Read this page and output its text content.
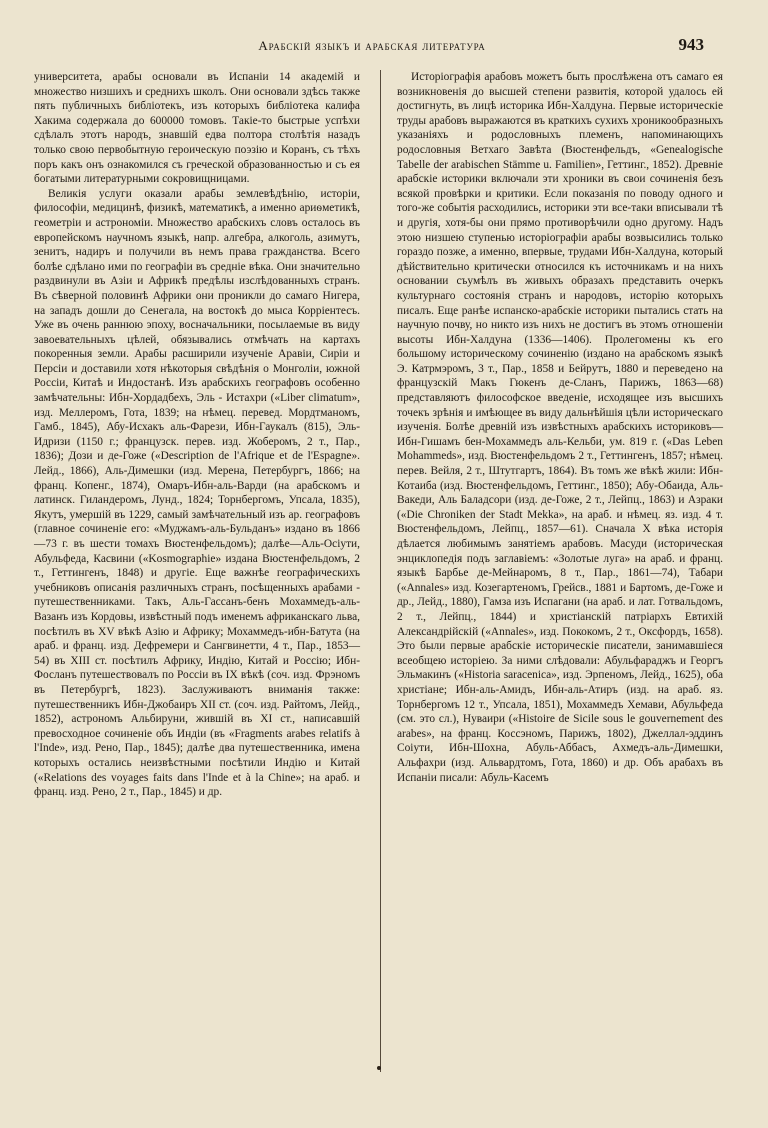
Арабскій языкъ и арабская литература	943

университета, арабы основали въ Испаніи 14 академій и множество низшихъ и среднихъ школъ. Они основали здѣсь также пять публичныхъ библіотекъ, изъ которыхъ библіотека калифа Хакима содержала до 600000 томовъ. Такіе-то быстрые успѣхи сдѣлалъ этотъ народъ, знавшій едва полтора столѣтія назадъ только свою первобытную героическую поэзію и Коранъ, съ тѣхъ поръ какъ онъ ознакомился съ греческой образованностью и съ ея богатыми литературными сокровищницами.

Великія услуги оказали арабы землевѣдѣнію, исторіи, философіи, медицинѣ, физикѣ, математикѣ, а именно ариѳметикѣ, геометріи и астрономіи. Множество арабскихъ словъ осталось въ европейскомъ научномъ языкѣ, напр. алгебра, алкоголь, азимутъ, зенитъ, надиръ и получили въ немъ права гражданства. Всего болѣе сдѣлано ими по географіи въ средніе вѣка. Они значительно раздвинули въ Азіи и Африкѣ предѣлы изслѣдованныхъ странъ. Въ сѣверной половинѣ Африки они проникли до самаго Нигера, на западъ дошли до Сенегала, на востокѣ до мыса Корріентесъ. Уже въ очень раннюю эпоху, восначальники, посылаемые въ виду завоевательныхъ цѣлей, обязывались отмѣчать на картахъ покоренныя земли. Арабы расширили изученіе Аравіи, Сиріи и Персіи и доставили хотя нѣкоторыя свѣдѣнія о Монголіи, южной Россіи, Китаѣ и Индостанѣ. Изъ арабскихъ географовъ особенно замѣчательны: Ибн-Хордадбехъ, Эль - Истахри («Liber climatum», изд. Меллеромъ, Гота, 1839; на нѣмец. перевед. Мордтманомъ, Гамб., 1845), Абу-Исхакъ аль-Фарези, Ибн-Гаукалъ (815), Эль-Идризи (1150 г.; французск. перев. изд. Жоберомъ, 2 т., Пар., 1836); Дози и де-Гоже («Description de l'Afrique et de l'Espagne». Лейд., 1866), Аль-Димешки (изд. Мерена, Петербургъ, 1866; на франц. Копенг., 1874), Омаръ-Ибн-аль-Варди (на арабскомъ и латинск. Гиландеромъ, Лунд., 1824; Торнбергомъ, Упсала, 1835), Якутъ, умершій въ 1229, самый замѣчательный изъ ар. географовъ (главное сочиненіе его: «Муджамъ-аль-Бульданъ» издано въ 1866—73 г. въ шести томахъ Вюстенфельдомъ); далѣе—Аль-Осіути, Абульфеда, Касвини («Kosmographie» издана Вюстенфельдомъ, 2 т., Геттингенъ, 1848) и другіе. Еще важнѣе географическихъ учебниковъ описанія различныхъ странъ, посѣщенныхъ арабами - путешественниками. Такъ, Аль-Гассанъ-бенъ Мохаммедъ-аль-Вазанъ изъ Кордовы, извѣстный подъ именемъ африканскаго льва, посѣтилъ въ XV вѣкѣ Азію и Африку; Мохаммедъ-ибн-Батута (на араб. и франц. изд. Дефремери и Сангвинетти, 4 т., Пар., 1853—54) въ XIII ст. посѣтилъ Африку, Индію, Китай и Россію; Ибн-Фосланъ путешествовалъ по Россіи въ IX вѣкѣ (соч. изд. Фрэномъ въ Петербургѣ, 1823). Заслуживаютъ вниманія также: путешественникъ Ибн-Джобаиръ XII ст. (соч. изд. Райтомъ, Лейд., 1852), астрономъ Альбируни, жившій въ XI ст., написавшій превосходное сочиненіе объ Индіи (въ «Fragments arabes relatifs à l'Inde», изд. Рено, Пар., 1845); далѣе два путешественника, имена которыхъ остались неизвѣстными посѣтили Индію и Китай («Relations des voyages faits dans l'Inde et à la Chine»; на араб. и франц. изд. Рено, 2 т., Пар., 1845) и др.

Исторіографія арабовъ можетъ быть прослѣжена отъ самаго ея возникновенія до высшей степени развитія, которой удалось ей достигнуть, въ лицѣ историка Ибн-Халдуна. Первые историческіе труды арабовъ выражаются въ краткихъ сухихъ хроникообразныхъ указаніяхъ и родословныхъ племенъ, напоминающихъ родословныя Ветхаго Завѣта (Вюстенфельдъ, «Genealogische Tabelle der arabischen Stämme u. Familien», Геттинг., 1852). Древніе арабскіе историки включали эти хроники въ свои сочиненія безъ всякой провѣрки и критики. Если показанія по поводу одного и того-же событія расходились, историки эти все-таки вписывали тѣ и другія, хотя-бы они прямо противорѣчили одно другому. Надъ этою низшею ступенью исторіографіи арабы возвысились только гораздо позже, а именно, впервые, трудами Ибн-Халдуна, который дѣйствительно критически относился къ источникамъ и на нихъ основании съумѣлъ въ живыхъ образахъ представить очеркъ культурнаго состоянія странъ и народовъ, исторію которыхъ писалъ. Еще ранѣе испанско-арабскіе историки пытались стать на научную почву, но никто изъ нихъ не достигъ въ этомъ отношеніи высоты Ибн-Халдуна (1336—1406). Пролегомены къ его большому историческому сочиненію (издано на арабскомъ языкѣ Э. Катрмэромъ, 3 т., Пар., 1858 и Бейрутъ, 1880 и переведено на французскій Макъ Гюкенъ де-Сланъ, Парижъ, 1863—68) представляютъ философское введеніе, исходящее изъ высшихъ точекъ зрѣнія и имѣющее въ виду дальнѣйшія цѣли историческаго изученія. Болѣе древній изъ извѣстныхъ арабскихъ историковъ—Ибн-Гишамъ бен-Мохаммедъ аль-Кельби, ум. 819 г. («Das Leben Mohammeds», изд. Вюстенфельдомъ 2 т., Геттингенъ, 1857; нѣмец. перев. Вейля, 2 т., Штутгартъ, 1864). Въ томъ же вѣкѣ жили: Ибн-Котаиба (изд. Вюстенфельдомъ, Геттинг., 1850); Абу-Обаида, Аль-Вакеди, Аль Баладсори (изд. де-Гоже, 2 т., Лейпц., 1863) и Азраки («Die Chroniken der Stadt Mekka», на араб. и нѣмец. яз. изд. 4 т. Вюстенфельдомъ, Лейпц., 1857—61). Сначала X вѣка исторія дѣлается любимымъ занятіемъ арабовъ. Масуди (историческая энциклопедія подъ заглавіемъ: «Золотые луга» на араб. и франц. языкѣ Барбье де-Мейнаромъ, 8 т., Пар., 1861—74), Табари («Annales» изд. Козегартеномъ, Грейсв., 1881 и Бартомъ, де-Гоже и др., Лейд., 1880), Гамза изъ Испагани (на араб. и лат. Готвальдомъ, 2 т., Лейпц., 1844) и христіанскій патріархъ Евтихій Александрійскій («Annales», изд. Пококомъ, 2 т., Оксфордъ, 1658). Это были первые арабскіе историческіе писатели, занимавшіеся всеобщею исторіею. За ними слѣдовали: Абульфараджъ и Георгъ Эльмакинъ («Historia saracenica», изд. Эрпеномъ, Лейд., 1625), оба христіане; Ибн-аль-Амидъ, Ибн-аль-Атиръ (изд. на араб. яз. Торнбергомъ 12 т., Упсала, 1851), Мохаммедъ Хемави, Абульфеда (см. это сл.), Нуваири («Histoire de Sicile sous le gouvernement des arabes», на франц. Коссэномъ, Парижъ, 1802), Джеллал-эддинъ Соіути, Ибн-Шохна, Абуль-Аббасъ, Ахмедъ-аль-Димешки, Альфахри (изд. Альвардтомъ, Гота, 1860) и др. Объ арабахъ въ Испаніи писали: Абуль-Касемъ
